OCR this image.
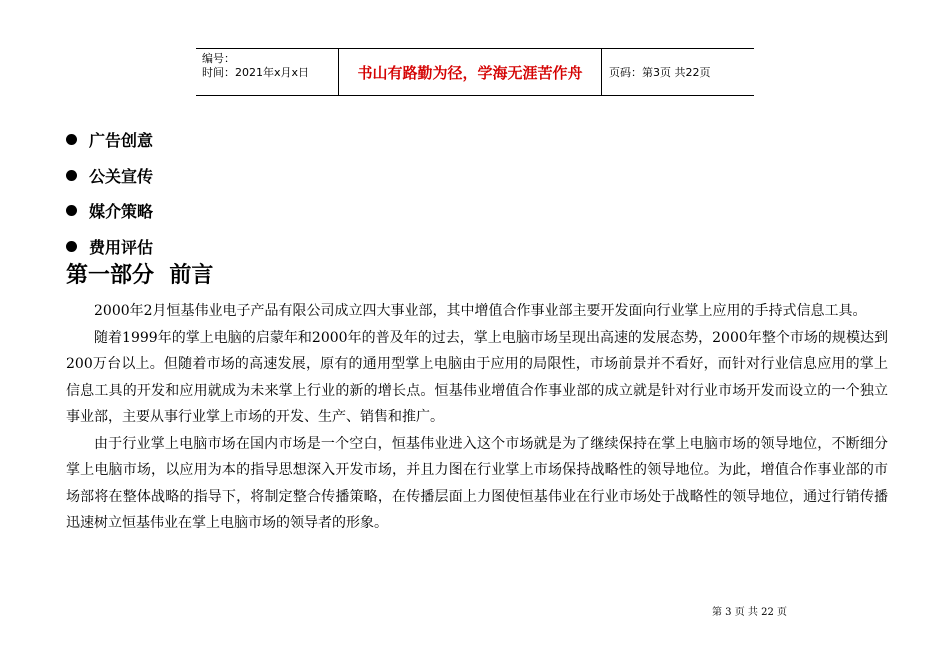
编号：
时间：2021年x月x日	书山有路勤为径，学海无涯苦作舟 页码：第3页 共22页
广告创意
公关宣传
媒介策略
费用评估
第一部分  前言

2000年2月恒基伟业电子产品有限公司成立四大事业部，其中增值合作事业部主要开发面向行业掌上应用的手持式信息工具。

随着1999年的掌上电脑的启蒙年和2000年的普及年的过去，掌上电脑市场呈现出高速的发展态势，2000年整个市场的规模达到200万台以上。但随着市场的高速发展，原有的通用型掌上电脑由于应用的局限性，市场前景并不看好，而针对行业信息应用的掌上信息工具的开发和应用就成为未来掌上行业的新的增长点。恒基伟业增值合作事业部的成立就是针对行业市场开发而设立的一个独立事业部，主要从事行业掌上市场的开发、生产、销售和推广。

由于行业掌上电脑市场在国内市场是一个空白，恒基伟业进入这个市场就是为了继续保持在掌上电脑市场的领导地位，不断细分掌上电脑市场，以应用为本的指导思想深入开发市场，并且力图在行业掌上市场保持战略性的领导地位。为此，增值合作事业部的市场部将在整体战略的指导下，将制定整合传播策略，在传播层面上力图使恒基伟业在行业市场处于战略性的领导地位，通过行销传播迅速树立恒基伟业在掌上电脑市场的领导者的形象。

第 3 页 共 22 页
